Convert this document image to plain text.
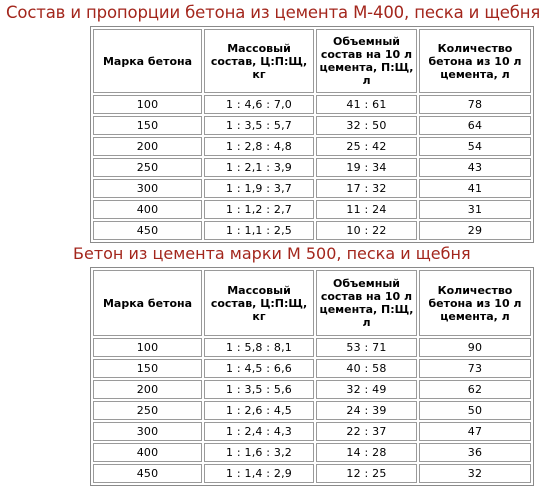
Состав и пропорции бетона из цемента М-400, песка и щебня
Марка бетона	Массовый состав, Ц:П:Щ, кг	Объемный состав на 10 л цемента, П:Щ, л	Количество бетона из 10 л цемента, л
100	1 : 4,6 : 7,0	41 : 61	78
150	1 : 3,5 : 5,7	32 : 50	64
200	1 : 2,8 : 4,8	25 : 42	54
250	1 : 2,1 : 3,9	19 : 34	43
300	1 : 1,9 : 3,7	17 : 32	41
400	1 : 1,2 : 2,7	11 : 24	31
450	1 : 1,1 : 2,5	10 : 22	29
Бетон из цемента марки М 500, песка и щебня
Марка бетона	Массовый состав, Ц:П:Щ, кг	Объемный состав на 10 л цемента, П:Щ, л	Количество бетона из 10 л цемента, л
100	1 : 5,8 : 8,1	53 : 71	90
150	1 : 4,5 : 6,6	40 : 58	73
200	1 : 3,5 : 5,6	32 : 49	62
250	1 : 2,6 : 4,5	24 : 39	50
300	1 : 2,4 : 4,3	22 : 37	47
400	1 : 1,6 : 3,2	14 : 28	36
450	1 : 1,4 : 2,9	12 : 25	32
